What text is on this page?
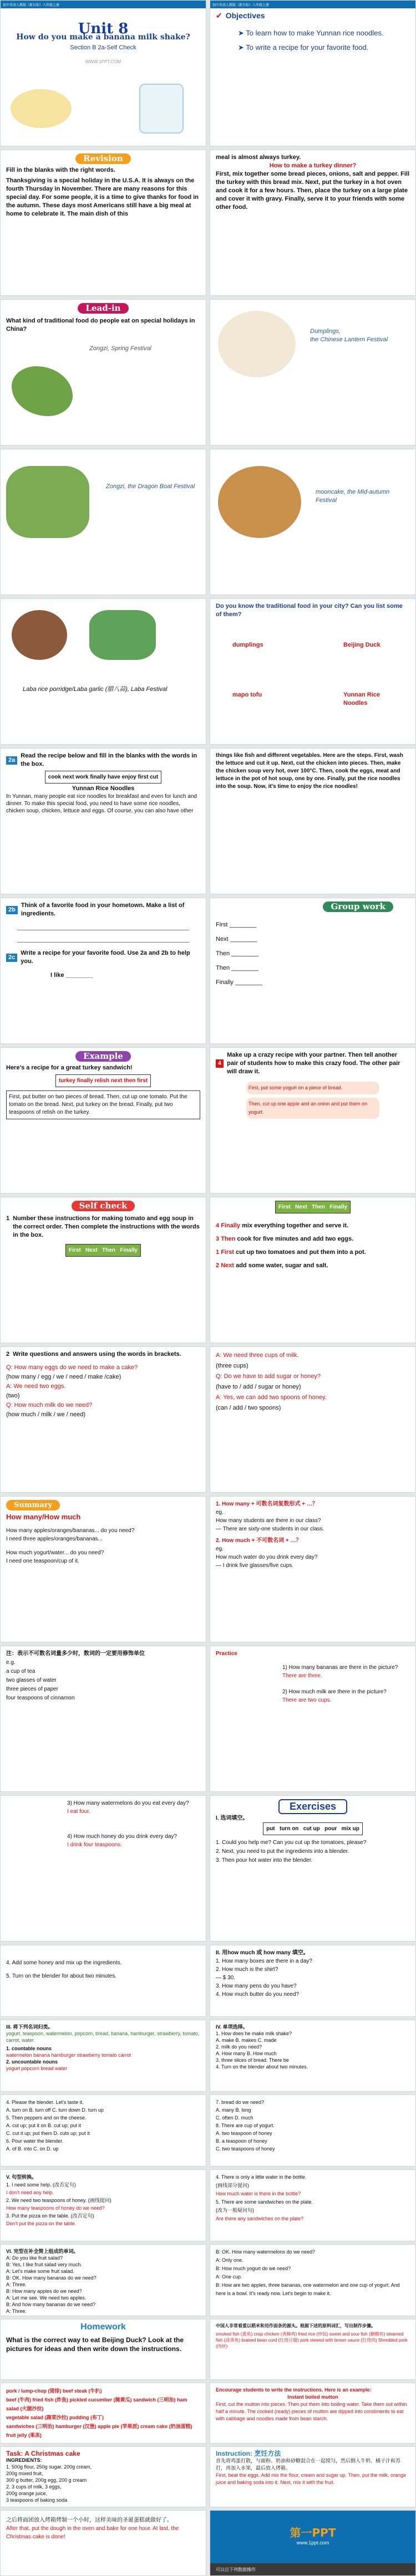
初中英语人教版（新目标）八年级上册
Unit 8
How do you make a banana milk shake?
Section B 2a-Self Check
WWW.1PPT.COM
初中英语人教版（新目标）八年级上册
✔ Objectives
➤ To learn how to make Yunnan rice noodles.
➤ To write a recipe for your favorite food.
Revision
Fill in the blanks with the right words.
Thanksgiving is a special holiday in the U.S.A. It is always on the fourth Thursday in November. There are many reasons for this special day. For some people, it is a time to give thanks for food in the autumn. These days most Americans still have a big meal at home to celebrate it. The main dish of this
meal is almost always turkey.
How to make a turkey dinner?
First, mix together some bread pieces, onions, salt and pepper. Fill the turkey with this bread mix. Next, put the turkey in a hot oven and cook it for a few hours. Then, place the turkey on a large plate and cover it with gravy. Finally, serve it to your friends with some other food.
Lead-in
What kind of traditional food do people eat on special holidays in China?
Zongzi, Spring Festival
Dumplings,
the Chinese Lantern Festival
Zongzi, the Dragon Boat Festival
mooncake, the Mid-autumn Festival
Laba rice porridge/Laba garlic (腊八蒜), Laba Festival
Do you know the traditional food in your city? Can you list some of them?
dumplings	Beijing Duck
mapo tofu	Yunnan Rice Noodles
2a
Read the recipe below and fill in the blanks with the words in the box.
cook next work finally have enjoy first cut
Yunnan Rice Noodles
In Yunnan, many people eat rice noodles for breakfast and even for lunch and dinner. To make this special food, you need to have some rice noodles, chicken soup, chicken, lettuce and eggs. Of course, you can also have other
things like fish and different vegetables. Here are the steps. First, wash the lettuce and cut it up. Next, cut the chicken into pieces. Then, make the chicken soup very hot, over 100°C. Then, cook the eggs, meat and lettuce in the pot of hot soup, one by one. Finally, put the rice noodles into the soup. Now, it's time to enjoy the rice noodles!
2b
Think of a favorite food in your hometown. Make a list of ingredients.
2c
Write a recipe for your favorite food. Use 2a and 2b to help you.
I like ________
Group work
First ________
Next ________
Then ________
Then ________
Finally ________
Example
Here's a recipe for a great turkey sandwich!
turkey finally relish next then first
First, put butter on two pieces of bread. Then, cut up one tomato. Put the tomato on the bread. Next, put turkey on the bread. Finally, put two teaspoons of relish on the turkey.
4
Make up a crazy recipe with your partner. Then tell another pair of students how to make this crazy food. The other pair will draw it.
First, put some yogurt on a piece of bread.
Then, cut up one apple and an onion and put them on yogurt.
Self check
1 Number these instructions for making tomato and egg soup in the correct order. Then complete the instructions with the words in the box.
First Next Then Finally
First Next Then Finally
4 Finally mix everything together and serve it.
3 Then cook for five minutes and add two eggs.
1 First cut up two tomatoes and put them into a pot.
2 Next add some water, sugar and salt.
2 Write questions and answers using the words in brackets.
Q: How many eggs do we need to make a cake?
(how many / egg / we / need / make /cake)
A: We need two eggs.
(two)
Q: How much milk do we need?
(how much / milk / we / need)
A: We need three cups of milk.
(three cups)
Q: Do we have to add sugar or honey?
(have to / add / sugar or honey)
A: Yes, we can add two spoons of honey.
(can / add / two spoons)
Summary
How many/How much
How many apples/oranges/bananas... do you need?
I need three apples/oranges/bananas...
How much yogurt/water... do you need?
I need one teaspoon/cup of it.
1. How many + 可数名词复数形式 + …？
eg.
How many students are there in our class?
— There are sixty-one students in our class.
2. How much + 不可数名词 + …？
eg.
How much water do you drink every day?
— I drink five glasses/five cups.
注：表示不可数名词量多少时，数词的一定要用修饰单位
e.g.
a cup of tea
two glasses of water
three pieces of paper
four teaspoons of cinnamon
Practice
1) How many bananas are there in the picture?
There are three.
2) How much milk are there in the picture?
There are two cups.
3) How many watermelons do you eat every day?
I eat four.
4) How much honey do you drink every day?
I drink four teaspoons.
Exercises
I. 选词填空。
put turn on cut up pour mix up
1. Could you help me? Can you cut up the tomatoes, please?
2. Next, you need to put the ingredients into a blender.
3. Then pour hot water into the blender.
4. Add some honey and mix up the ingredients.
5. Turn on the blender for about two minutes.
II. 用how much 或 how many 填空。
1. How many boxes are there in a day?
2. How much is the shirt?
— $ 30.
3. How many pens do you have?
4. How much butter do you need?
III. 将下列名词归类。
yogurt, teaspoon, watermelon, popcorn, bread, banana, hamburger, strawberry, tomato, carrot, water
1. countable nouns
watermelon banana hamburger strawberry tomato carrot
2. uncountable nouns
yogurt popcorn bread water
IV. 单项选择。
1. How does he make milk shake?
A. make B. makes C. made
2. milk do you need?
A. How many B. How much
3. three slices of bread. There be
4. Turn on the blender about two minutes.
4. Please the blender. Let's taste it.
A. turn on B. turn off C. turn down D. turn up
5. Then peppers and on the cheese.
A. cut up; put it on B. cut up; put it
C. cut it up; put them D. cuts up; put it
6. Pour water the blender.
A. of B. into C. on D. up
7. bread do we need?
A. many B. long
C. often D. much
8. There are cup of yogurt.
A. two teaspoon of honey
B. a teaspoon of honey
C. two teaspoons of honey
V. 句型转换。
1. I need some help. (改否定句)
I don't need any help.
2. We need two teaspoons of honey. (画线提问)
How many teaspoons of honey do we need?
3. Put the pizza on the table. (改否定句)
Don't put the pizza on the table.
4. There is only a little water in the bottle.
(画线部分提问)
How much water is there in the bottle?
5. There are some sandwiches on the plate.
(改为一般疑问句)
Are there any sandwiches on the plate?
VI. 完型在补全简上组成的单词。
A: Do you like fruit salad?
B: Yes, I like fruit salad very much.
A: Let's make some fruit salad.
B: OK. How many bananas do we need?
A: Three.
B: How many apples do we need?
A: Let me see. We need two apples.
B: And how many bananas do we need?
A: Three.
B: OK. How many watermelons do we need?
A: Only one.
B: How much yogurt do we need?
A: One cup.
B: How are two apples, three bananas, one watermelon and one cup of yogurt. And here is a bowl. It's ready now. Let's begin to make it.
Homework
What is the correct way to eat Beijing Duck? Look at the pictures for ideas and then write down the instructions.
中国人非常看重以稻米和用作面条的源头。根据下述的原料词汇，写出制作步骤。
smoked fish (熏鱼) crisp chicken (香酥鸡) fried rice (炒饭) sweet and sour fish (糖醋鱼) steamed fish (清蒸鱼) braised bean curd (红烧豆腐) pork stewed with brown sauce (红烧肉) Shredded pork (肉丝)
pork / lump-chop (猪排) beef steak (牛扒)
beef (牛肉) fried fish (炸鱼) pickled cucumber (腌黄瓜) sandwich (三明治) ham salad (火腿沙拉)
vegetable salad (蔬菜沙拉) pudding (布丁)
sandwiches (三明治) hamburger (汉堡) apple pie (苹果派) cream cake (奶油蛋糕) fruit jelly (果冻)
Encourage students to write the instructions. Here is an example:
Instant boiled mutton
First, cut the mutton into pieces. Then put them into boiling water. Take them out within half a minute. The cooked (ready) pieces of mutton are dipped into condiments to eat with cabbage and noodles made from bean starch.
Task: A Christmas cake
INGREDIENTS:
1. 500g flour, 250g sugar, 200g cream,
200g mixed fruit,
300 g butter, 200g egg, 200 g cream
2. 3 cups of milk, 3 eggs,
200g orange juice,
3 teaspoons of baking soda
Instruction: 烹饪方法
首先将鸡蛋打散，与面粉、奶油和砂糖混合在一起搅匀，然后倒入牛奶、橘子汁和苏打，再加入水果，最后放入烤箱。
First, beat the eggs. Add mix the flour, cream and sugar up. Then, put the milk, orange juice and baking soda into it. Next, mix it with the fruit.
之后将面团放入烤箱烤制一个小时，这样美味的圣诞蛋糕就做好了。
After that, put the dough in the oven and bake for one hour. At last, the Christmas cake is done!	第一PPT
www.1ppt.com
可以自下列数据操作
